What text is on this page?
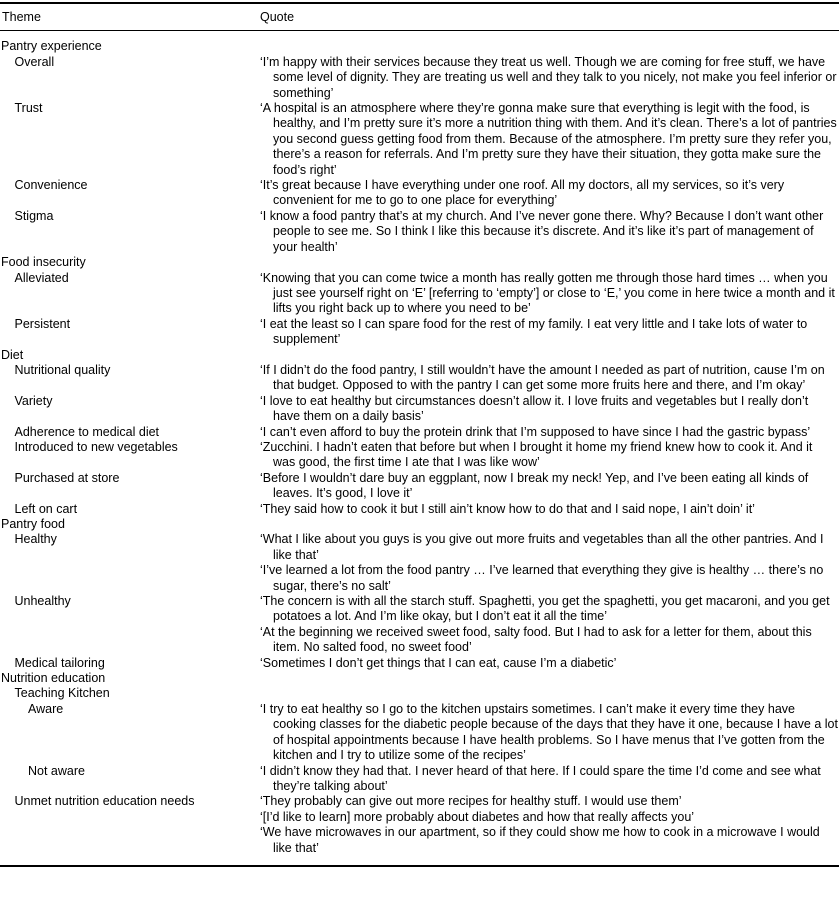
Theme	Quote
Pantry experience
Overall	‘I’m happy with their services because they treat us well. Though we are coming for free stuff, we have some level of dignity. They are treating us well and they talk to you nicely, not make you feel inferior or something’
Trust	‘A hospital is an atmosphere where they’re gonna make sure that everything is legit with the food, is healthy, and I’m pretty sure it’s more a nutrition thing with them. And it’s clean. There’s a lot of pantries you second guess getting food from them. Because of the atmosphere. I’m pretty sure they refer you, there’s a reason for referrals. And I’m pretty sure they have their situation, they gotta make sure the food’s right’
Convenience	‘It’s great because I have everything under one roof. All my doctors, all my services, so it’s very convenient for me to go to one place for everything’
Stigma	‘I know a food pantry that’s at my church. And I’ve never gone there. Why? Because I don’t want other people to see me. So I think I like this because it’s discrete. And it’s like it’s part of management of your health’
Food insecurity
Alleviated	‘Knowing that you can come twice a month has really gotten me through those hard times … when you just see yourself right on ‘E’ [referring to ‘empty’] or close to ‘E,’ you come in here twice a month and it lifts you right back up to where you need to be’
Persistent	‘I eat the least so I can spare food for the rest of my family. I eat very little and I take lots of water to supplement’
Diet
Nutritional quality	‘If I didn’t do the food pantry, I still wouldn’t have the amount I needed as part of nutrition, cause I’m on that budget. Opposed to with the pantry I can get some more fruits here and there, and I’m okay’
Variety	‘I love to eat healthy but circumstances doesn’t allow it. I love fruits and vegetables but I really don’t have them on a daily basis’
Adherence to medical diet	‘I can’t even afford to buy the protein drink that I’m supposed to have since I had the gastric bypass’
Introduced to new vegetables	‘Zucchini. I hadn’t eaten that before but when I brought it home my friend knew how to cook it. And it was good, the first time I ate that I was like wow’
Purchased at store	‘Before I wouldn’t dare buy an eggplant, now I break my neck! Yep, and I’ve been eating all kinds of leaves. It’s good, I love it’
Left on cart	‘They said how to cook it but I still ain’t know how to do that and I said nope, I ain’t doin’ it’
Pantry food
Healthy	‘What I like about you guys is you give out more fruits and vegetables than all the other pantries. And I like that’
‘I’ve learned a lot from the food pantry … I’ve learned that everything they give is healthy … there’s no sugar, there’s no salt’
Unhealthy	‘The concern is with all the starch stuff. Spaghetti, you get the spaghetti, you get macaroni, and you get potatoes a lot. And I’m like okay, but I don’t eat it all the time’
‘At the beginning we received sweet food, salty food. But I had to ask for a letter for them, about this item. No salted food, no sweet food’
Medical tailoring	‘Sometimes I don’t get things that I can eat, cause I’m a diabetic’
Nutrition education
Teaching Kitchen
Aware	‘I try to eat healthy so I go to the kitchen upstairs sometimes. I can’t make it every time they have cooking classes for the diabetic people because of the days that they have it one, because I have a lot of hospital appointments because I have health problems. So I have menus that I’ve gotten from the kitchen and I try to utilize some of the recipes’
Not aware	‘I didn’t know they had that. I never heard of that here. If I could spare the time I’d come and see what they’re talking about’
Unmet nutrition education needs	‘They probably can give out more recipes for healthy stuff. I would use them’
‘[I’d like to learn] more probably about diabetes and how that really affects you’
‘We have microwaves in our apartment, so if they could show me how to cook in a microwave I would like that’
